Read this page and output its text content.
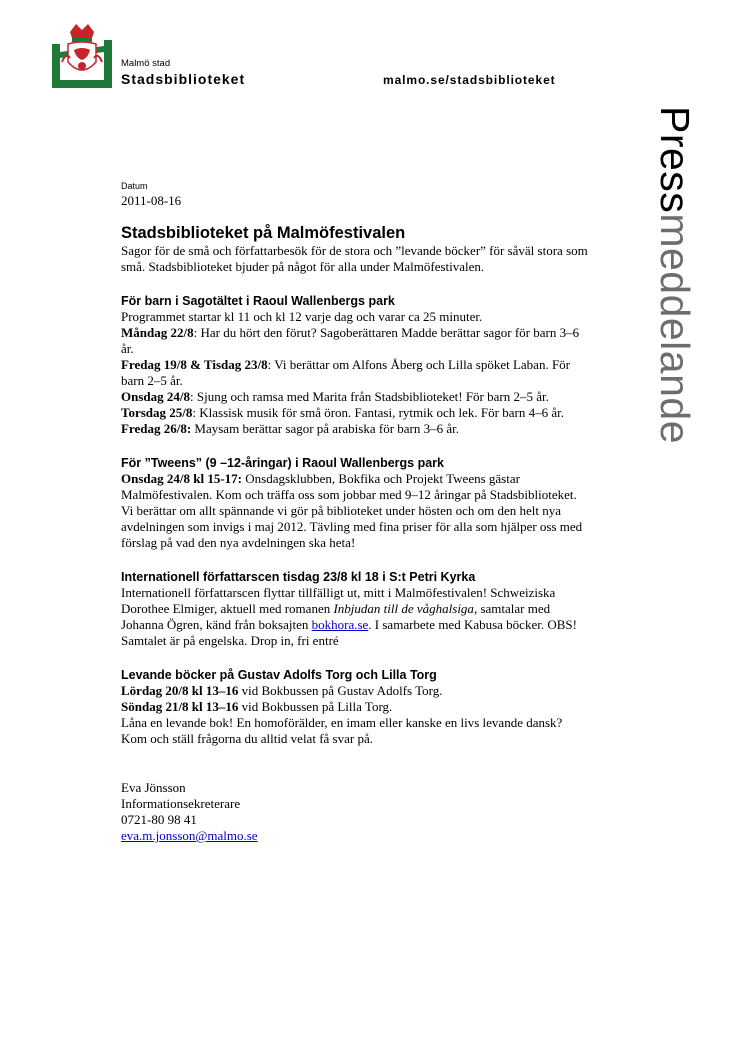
Malmö stad
Stadsbiblioteket	malmo.se/stadsbiblioteket
Pressmeddelande
Datum
2011-08-16
Stadsbiblioteket på Malmöfestivalen

Sagor för de små och författarbesök för de stora och ”levande böcker” för såväl stora som små. Stadsbiblioteket bjuder på något för alla under Malmöfestivalen.

För barn i Sagotältet i Raoul Wallenbergs park

Programmet startar kl 11 och kl 12 varje dag och varar ca 25 minuter.

Måndag 22/8: Har du hört den förut? Sagoberättaren Madde berättar sagor för barn 3–6 år.

Fredag 19/8 & Tisdag 23/8: Vi berättar om Alfons Åberg och Lilla spöket Laban. För barn 2–5 år.

Onsdag 24/8: Sjung och ramsa med Marita från Stadsbiblioteket! För barn 2–5 år.

Torsdag 25/8: Klassisk musik för små öron. Fantasi, rytmik och lek. För barn 4–6 år.

Fredag 26/8: Maysam berättar sagor på arabiska för barn 3–6 år.

För ”Tweens” (9 –12-åringar) i Raoul Wallenbergs park

Onsdag 24/8 kl 15-17: Onsdagsklubben, Bokfika och Projekt Tweens gästar Malmöfestivalen. Kom och träffa oss som jobbar med 9–12 åringar på Stadsbiblioteket. Vi berättar om allt spännande vi gör på biblioteket under hösten och om den helt nya avdelningen som invigs i maj 2012. Tävling med fina priser för alla som hjälper oss med förslag på vad den nya avdelningen ska heta!

Internationell författarscen tisdag 23/8 kl 18 i S:t Petri Kyrka

Internationell författarscen flyttar tillfälligt ut, mitt i Malmöfestivalen! Schweiziska Dorothee Elmiger, aktuell med romanen Inbjudan till de våghalsiga, samtalar med Johanna Ögren, känd från boksajten bokhora.se. I samarbete med Kabusa böcker. OBS! Samtalet är på engelska. Drop in, fri entré

Levande böcker på Gustav Adolfs Torg och Lilla Torg

Lördag 20/8 kl 13–16 vid Bokbussen på Gustav Adolfs Torg.

Söndag 21/8 kl 13–16 vid Bokbussen på Lilla Torg.

Låna en levande bok! En homoförälder, en imam eller kanske en livs levande dansk? Kom och ställ frågorna du alltid velat få svar på.

Eva Jönsson

Informationsekreterare

0721-80 98 41

eva.m.jonsson@malmo.se
